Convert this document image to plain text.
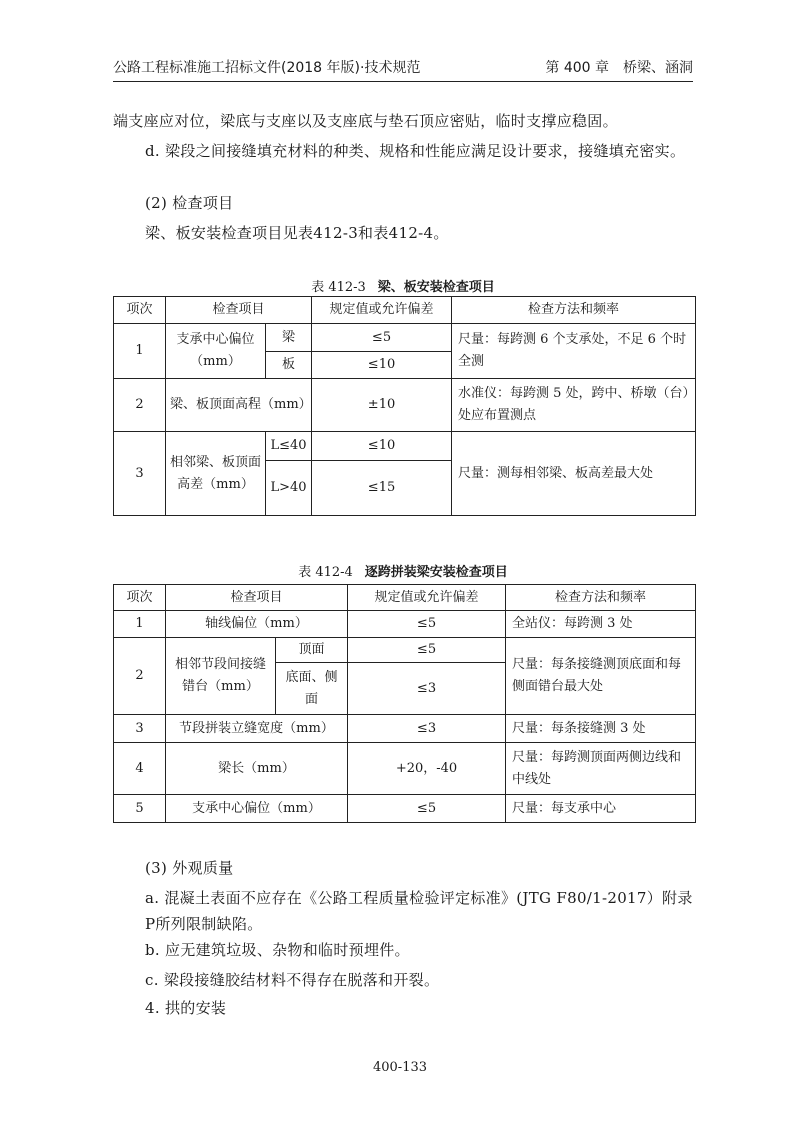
公路工程标准施工招标文件(2018 年版)·技术规范	第 400 章　桥梁、涵洞
端支座应对位，梁底与支座以及支座底与垫石顶应密贴，临时支撑应稳固。
d. 梁段之间接缝填充材料的种类、规格和性能应满足设计要求，接缝填充密实。
(2) 检查项目
梁、板安装检查项目见表412-3和表412-4。
表 412-3 梁、板安装检查项目
项次	检查项目		规定值或允许偏差	检查方法和频率
1	支承中心偏位（mm）	梁	≤5	尺量：每跨测 6 个支承处，不足 6 个时全测
		板	≤10	
2	梁、板顶面高程（mm）		±10	水准仪：每跨测 5 处，跨中、桥墩（台）处应布置测点
3	相邻梁、板顶面高差（mm）	L≤40	≤10	尺量：测每相邻梁、板高差最大处
		L>40	≤15	
表 412-4 逐跨拼装梁安装检查项目
项次	检查项目		规定值或允许偏差	检查方法和频率
1	轴线偏位（mm）		≤5	全站仪：每跨测 3 处
2	相邻节段间接缝错台（mm）	顶面	≤5	尺量：每条接缝测顶底面和每侧面错台最大处
		底面、侧面	≤3	
3	节段拼装立缝宽度（mm）		≤3	尺量：每条接缝测 3 处
4	梁长（mm）		+20，-40	尺量：每跨测顶面两侧边线和中线处
5	支承中心偏位（mm）		≤5	尺量：每支承中心
(3) 外观质量
a. 混凝土表面不应存在《公路工程质量检验评定标准》(JTG F80/1-2017）附录P所列限制缺陷。
b. 应无建筑垃圾、杂物和临时预埋件。
c. 梁段接缝胶结材料不得存在脱落和开裂。
4. 拱的安装
400-133
